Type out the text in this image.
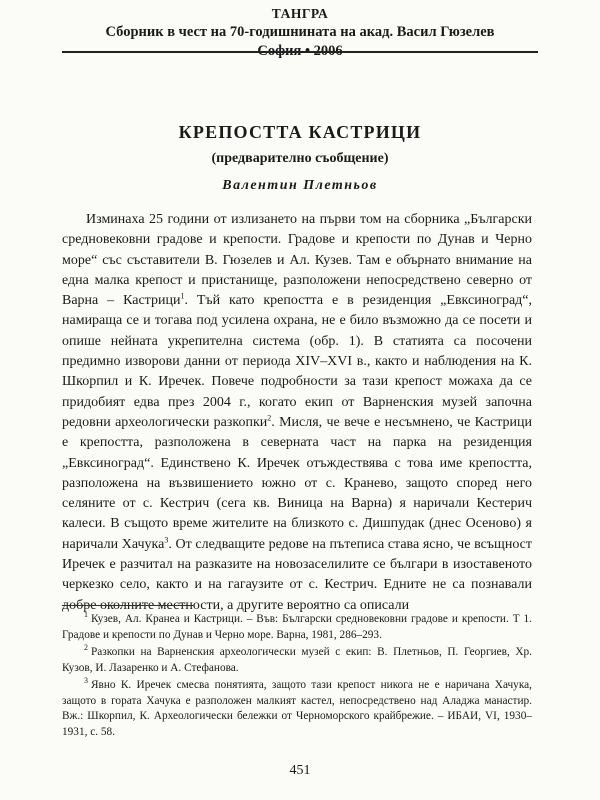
ТАНГРА
Сборник в чест на 70-годишнината на акад. Васил Гюзелев
София • 2006
КРЕПОСТТА КАСТРИЦИ
(предварително съобщение)
Валентин Плетньов

Изминаха 25 години от излизането на първи том на сборника „Български средновековни градове и крепости. Градове и крепости по Дунав и Черно море“ със съставители В. Гюзелев и Ал. Кузев. Там е обърнато внимание на една малка крепост и пристанище, разположени непосредствено северно от Варна – Кастрици$^1$. Тъй като крепостта е в резиденция „Евксиноград“, намираща се и тогава под усилена охрана, не е било възможно да се посети и опише нейната укрепителна система (обр. 1). В статията са посочени предимно изворови данни от периода XIV–XVI в., както и наблюдения на К. Шкорпил и К. Иречек. Повече подробности за тази крепост можаха да се придобият едва през 2004 г., когато екип от Варненския музей започна редовни археологически разкопки$^2$. Мисля, че вече е несъмнено, че Кастрици е крепостта, разположена в северната част на парка на резиденция „Евксиноград“. Единствено К. Иречек отъждествява с това име крепостта, разположена на възвишението южно от с. Кранево, защото според него селяните от с. Кестрич (сега кв. Виница на Варна) я наричали Кестерич калеси. В същото време жителите на близкото с. Дишпудак (днес Осеново) я наричали Хачука$^3$. От следващите редове на пътеписа става ясно, че всъщност Иречек е разчитал на разказите на новозаселилите се българи в изоставеното черкезко село, както и на гагаузите от с. Кестрич. Едните не са познавали добре околните местности, а другите вероятно са описали

$^1$ Кузев, Ал. Кранеа и Кастрици. – Във: Български средновековни градове и крепости. Т 1. Градове и крепости по Дунав и Черно море. Варна, 1981, 286–293.

$^2$ Разкопки на Варненския археологически музей с екип: В. Плетньов, П. Георгиев, Хр. Кузов, И. Лазаренко и А. Стефанова.

$^3$ Явно К. Иречек смесва понятията, защото тази крепост никога не е наричана Хачука, защото в гората Хачука е разположен малкият кастел, непосредствено над Аладжа манастир. Вж.: Шкорпил, К. Археологически бележки от Черноморского крайбрежие. – ИБАИ, VI, 1930–1931, с. 58.

451
